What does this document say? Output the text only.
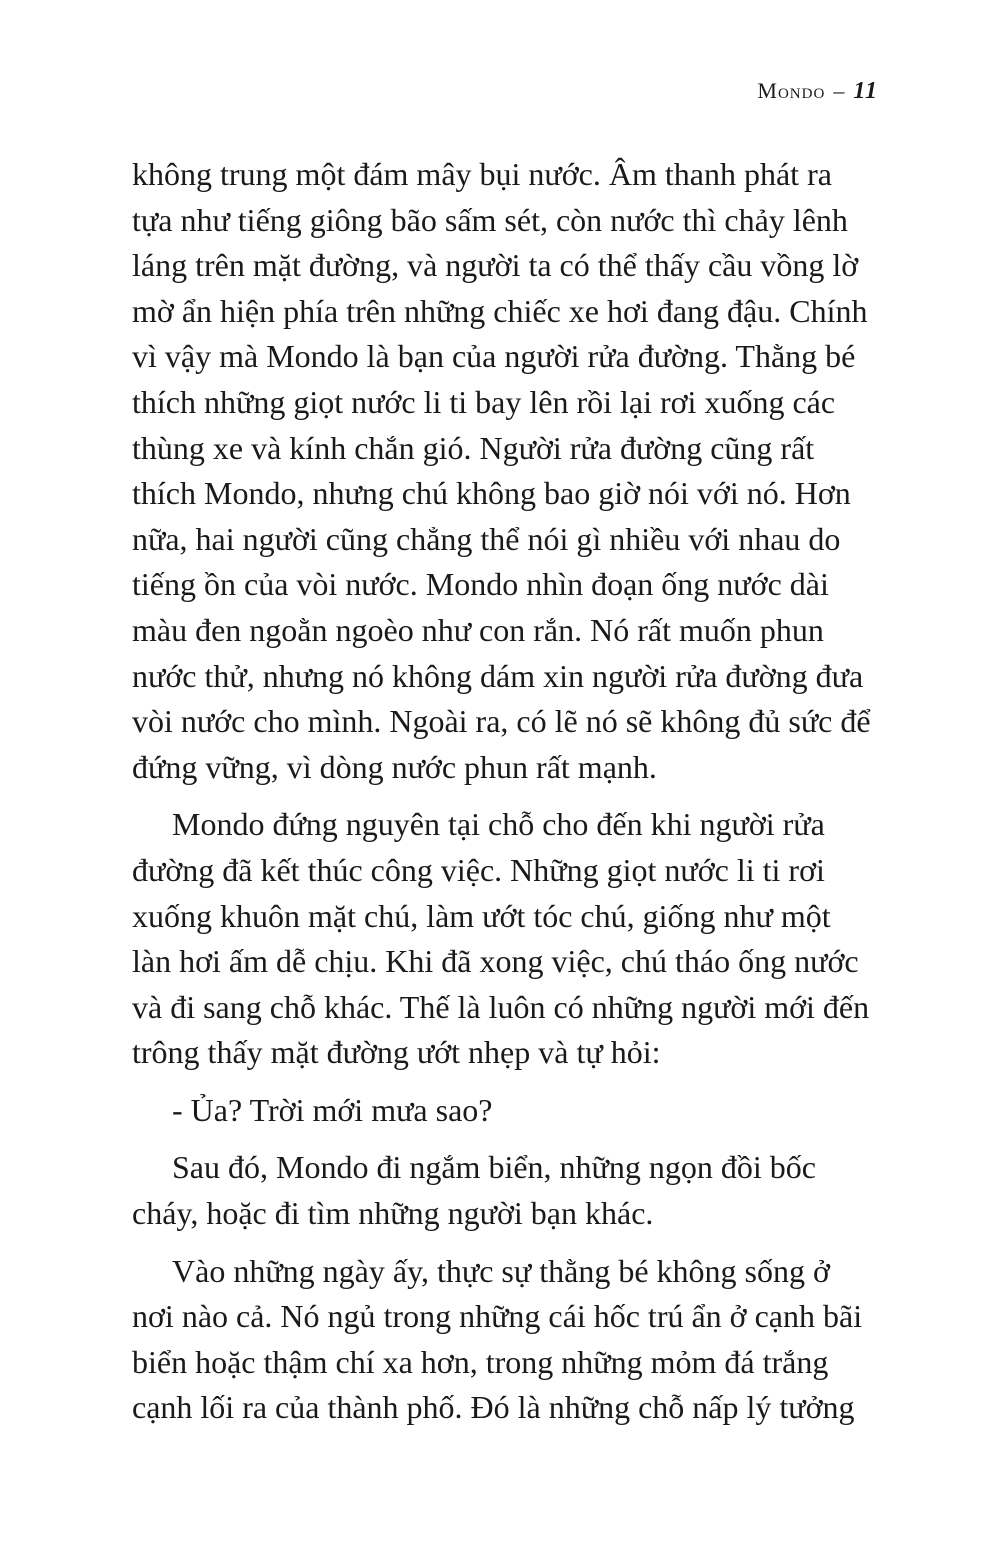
Mondo – 11

không trung một đám mây bụi nước. Âm thanh phát ra
tựa như tiếng giông bão sấm sét, còn nước thì chảy lênh
láng trên mặt đường, và người ta có thể thấy cầu vồng lờ
mờ ẩn hiện phía trên những chiếc xe hơi đang đậu. Chính
vì vậy mà Mondo là bạn của người rửa đường. Thằng bé
thích những giọt nước li ti bay lên rồi lại rơi xuống các
thùng xe và kính chắn gió. Người rửa đường cũng rất
thích Mondo, nhưng chú không bao giờ nói với nó. Hơn
nữa, hai người cũng chẳng thể nói gì nhiều với nhau do
tiếng ồn của vòi nước. Mondo nhìn đoạn ống nước dài
màu đen ngoằn ngoèo như con rắn. Nó rất muốn phun
nước thử, nhưng nó không dám xin người rửa đường đưa
vòi nước cho mình. Ngoài ra, có lẽ nó sẽ không đủ sức để
đứng vững, vì dòng nước phun rất mạnh.

Mondo đứng nguyên tại chỗ cho đến khi người rửa
đường đã kết thúc công việc. Những giọt nước li ti rơi
xuống khuôn mặt chú, làm ướt tóc chú, giống như một
làn hơi ấm dễ chịu. Khi đã xong việc, chú tháo ống nước
và đi sang chỗ khác. Thế là luôn có những người mới đến
trông thấy mặt đường ướt nhẹp và tự hỏi:

- Ủa? Trời mới mưa sao?

Sau đó, Mondo đi ngắm biển, những ngọn đồi bốc
cháy, hoặc đi tìm những người bạn khác.

Vào những ngày ấy, thực sự thằng bé không sống ở
nơi nào cả. Nó ngủ trong những cái hốc trú ẩn ở cạnh bãi
biển hoặc thậm chí xa hơn, trong những mỏm đá trắng
cạnh lối ra của thành phố. Đó là những chỗ nấp lý tưởng
